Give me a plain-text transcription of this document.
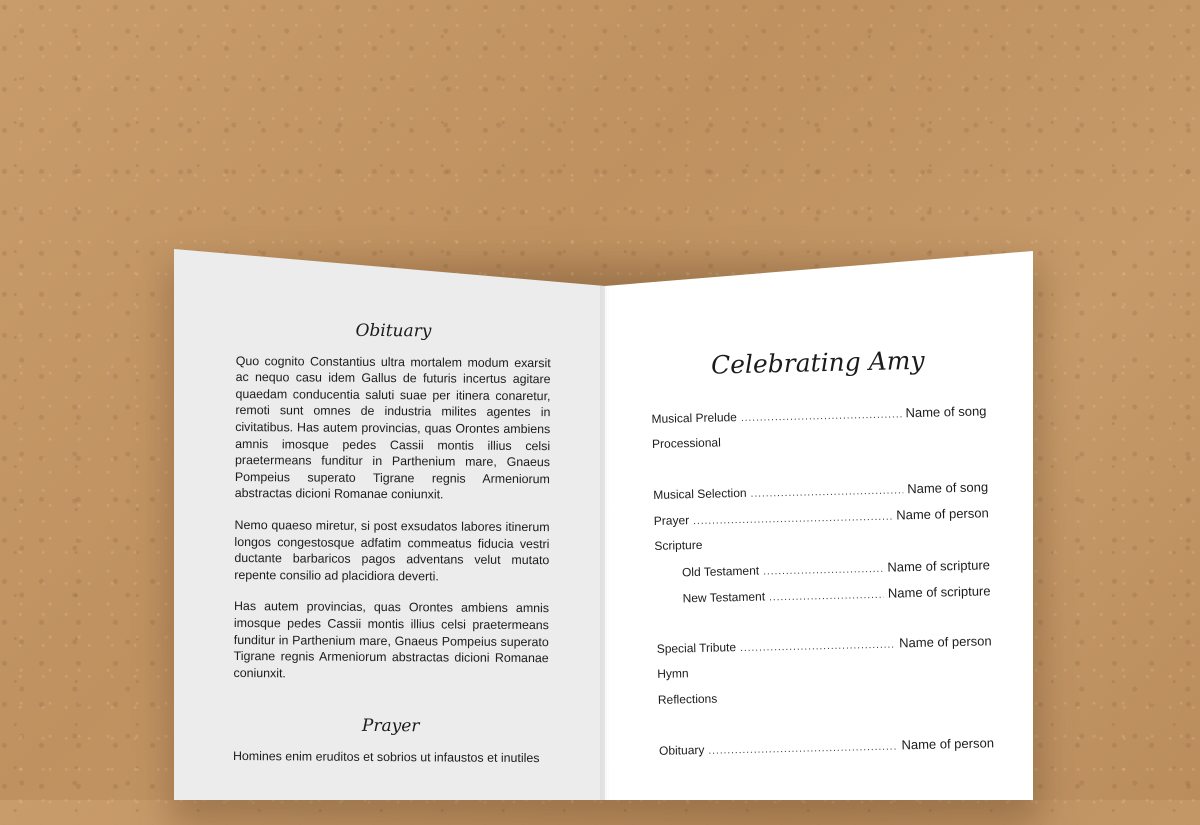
Obituary

Quo cognito Constantius ultra mortalem modum exarsit ac nequo casu idem Gallus de futuris incertus agitare quaedam conducentia saluti suae per itinera conaretur, remoti sunt omnes de industria milites agentes in civitatibus. Has autem provincias, quas Orontes ambiens amnis imosque pedes Cassii montis illius celsi praetermeans funditur in Parthenium mare, Gnaeus Pompeius superato Tigrane regnis Armeniorum abstractas dicioni Romanae coniunxit.

Nemo quaeso miretur, si post exsudatos labores itinerum longos congestosque adfatim commeatus fiducia vestri ductante barbaricos pagos adventans velut mutato repente consilio ad placidiora deverti.

Has autem provincias, quas Orontes ambiens amnis imosque pedes Cassii montis illius celsi praetermeans funditur in Parthenium mare, Gnaeus Pompeius superato Tigrane regnis Armeniorum abstractas dicioni Romanae coniunxit.

Prayer

Homines enim eruditos et sobrios ut infaustos et inutiles

Celebrating Amy
Musical Prelude .....	Name of song
Processional
Musical Selection .....	Name of song
Prayer .....	Name of person
Scripture
Old Testament .....	Name of scripture
New Testament .....	Name of scripture
Special Tribute .....	Name of person
Hymn
Reflections
Obituary .....	Name of person
